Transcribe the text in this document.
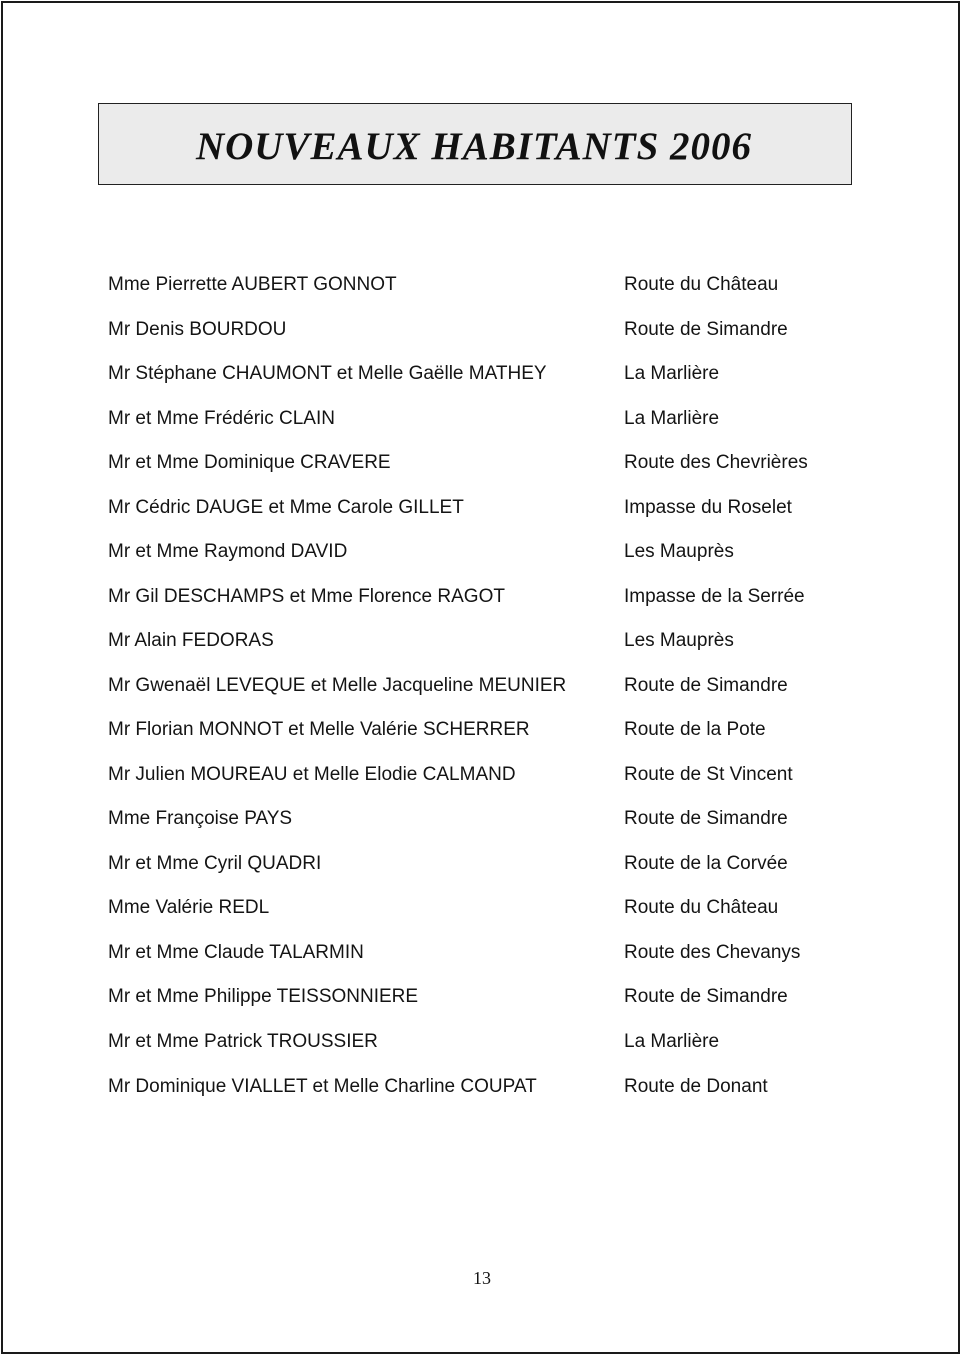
NOUVEAUX HABITANTS 2006
Mme Pierrette AUBERT GONNOT	Route du Château
Mr Denis BOURDOU	Route de Simandre
Mr Stéphane CHAUMONT et Melle Gaëlle MATHEY	La Marlière
Mr et Mme Frédéric CLAIN	La Marlière
Mr et Mme Dominique CRAVERE	Route des Chevrières
Mr Cédric DAUGE et Mme Carole GILLET	Impasse du Roselet
Mr et Mme Raymond DAVID	Les Mauprès
Mr Gil DESCHAMPS et Mme Florence RAGOT	Impasse de la Serrée
Mr Alain FEDORAS	Les Mauprès
Mr Gwenaël LEVEQUE et Melle Jacqueline MEUNIER	Route de Simandre
Mr Florian MONNOT et Melle Valérie SCHERRER	Route de la Pote
Mr Julien MOUREAU et Melle Elodie CALMAND	Route de St Vincent
Mme Françoise PAYS	Route de Simandre
Mr et Mme Cyril QUADRI	Route de la Corvée
Mme Valérie REDL	Route du Château
Mr et Mme Claude TALARMIN	Route des Chevanys
Mr et Mme Philippe TEISSONNIERE	Route de Simandre
Mr et Mme Patrick TROUSSIER	La Marlière
Mr Dominique VIALLET et Melle Charline COUPAT	Route de Donant
13
